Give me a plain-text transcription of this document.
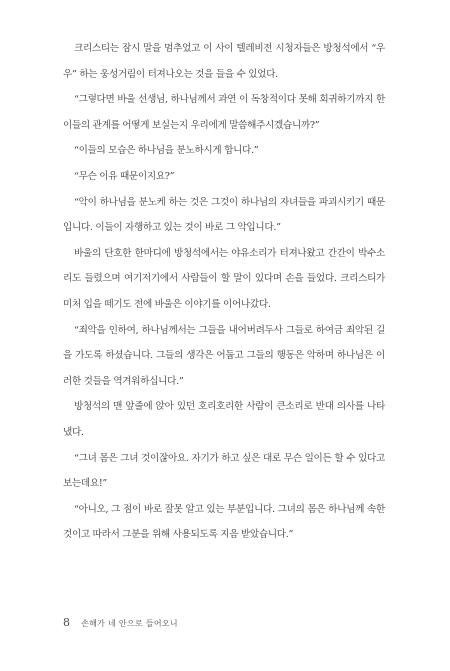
크리스티는 잠시 말을 멈추었고 이 사이 텔레비전 시청자들은 방청석에서 “우우” 하는 웅성거림이 터져나오는 것을 들을 수 있었다.

“그렇다면 바울 선생님, 하나님께서 과연 이 독창적이다 못해 회귀하기까지 한 이들의 관계를 어떻게 보실는지 우리에게 말씀해주시겠습니까?”

“이들의 모습은 하나님을 분노하시게 합니다.”

“무슨 이유 때문이지요?”

“악이 하나님을 분노케 하는 것은 그것이 하나님의 자녀들을 파괴시키기 때문입니다. 이들이 자행하고 있는 것이 바로 그 악입니다.”

바울의 단호한 한마디에 방청석에서는 야유소리가 터져나왔고 간간이 박수소리도 들렸으며 여기저기에서 사람들이 할 말이 있다며 손을 들었다. 크리스티가 미처 입을 떼기도 전에 바울은 이야기를 이어나갔다.

“죄악을 인하여, 하나님께서는 그들을 내어버려두사 그들로 하여금 죄악된 길을 가도록 하셨습니다. 그들의 생각은 어둡고 그들의 행동은 악하며 하나님은 이러한 것들을 역겨워하십니다.”

방청석의 맨 앞줄에 앉아 있던 호리호리한 사람이 큰소리로 반대 의사를 나타냈다.

“그녀 몸은 그녀 것이잖아요. 자기가 하고 싶은 대로 무슨 일이든 할 수 있다고 보는데요!”

“아니오, 그 점이 바로 잘못 알고 있는 부분입니다. 그녀의 몸은 하나님께 속한 것이고 따라서 그분을 위해 사용되도록 지음 받았습니다.”

8 손해가 네 안으로 들어오니
